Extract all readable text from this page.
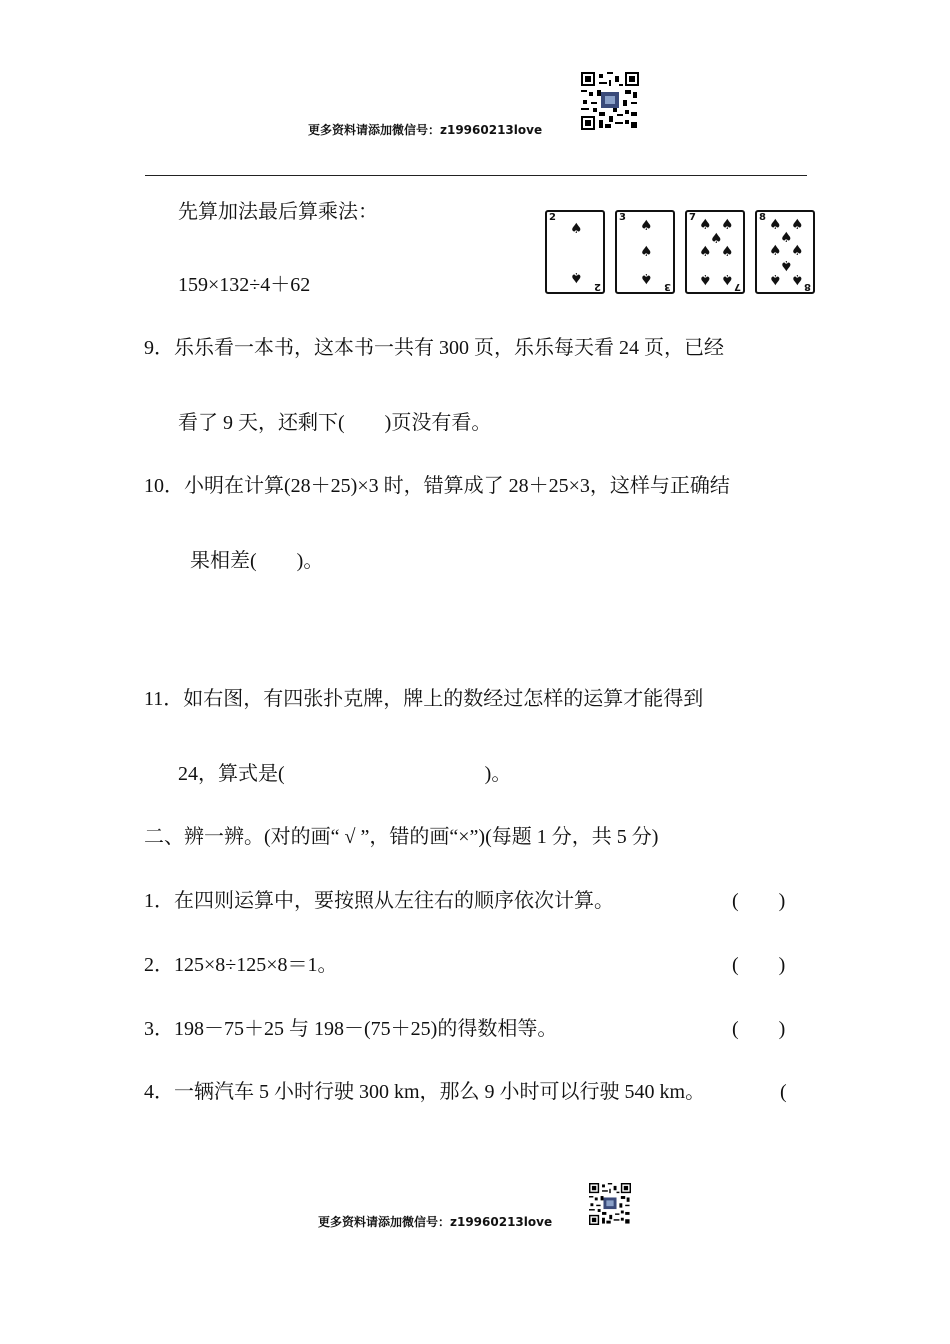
更多资料请添加微信号：z19960213love
先算加法最后算乘法：
159×132÷4＋62
2
♠
♠
2
3
♠
♠
♠
3
7 ♠ ♠
♠
♠ ♠
♠ ♠ 7
8 ♠ ♠
♠
♠ ♠
♠
♠ ♠ 8
9．乐乐看一本书，这本书一共有 300 页，乐乐每天看 24 页，已经
看了 9 天，还剩下(　　)页没有看。
10．小明在计算(28＋25)×3 时，错算成了 28＋25×3，这样与正确结
果相差(　　)。
11．如右图，有四张扑克牌，牌上的数经过怎样的运算才能得到
24，算式是(　　　　　　　　　　)。
二、辨一辨。(对的画“ √ ”，错的画“×”)(每题 1 分，共 5 分)
1．在四则运算中，要按照从左往右的顺序依次计算。	(　　)
2．125×8÷125×8＝1。	(　　)
3．198－75＋25 与 198－(75＋25)的得数相等。	(　　)
4．一辆汽车 5 小时行驶 300 km，那么 9 小时可以行驶 540 km。	(
更多资料请添加微信号：z19960213love
